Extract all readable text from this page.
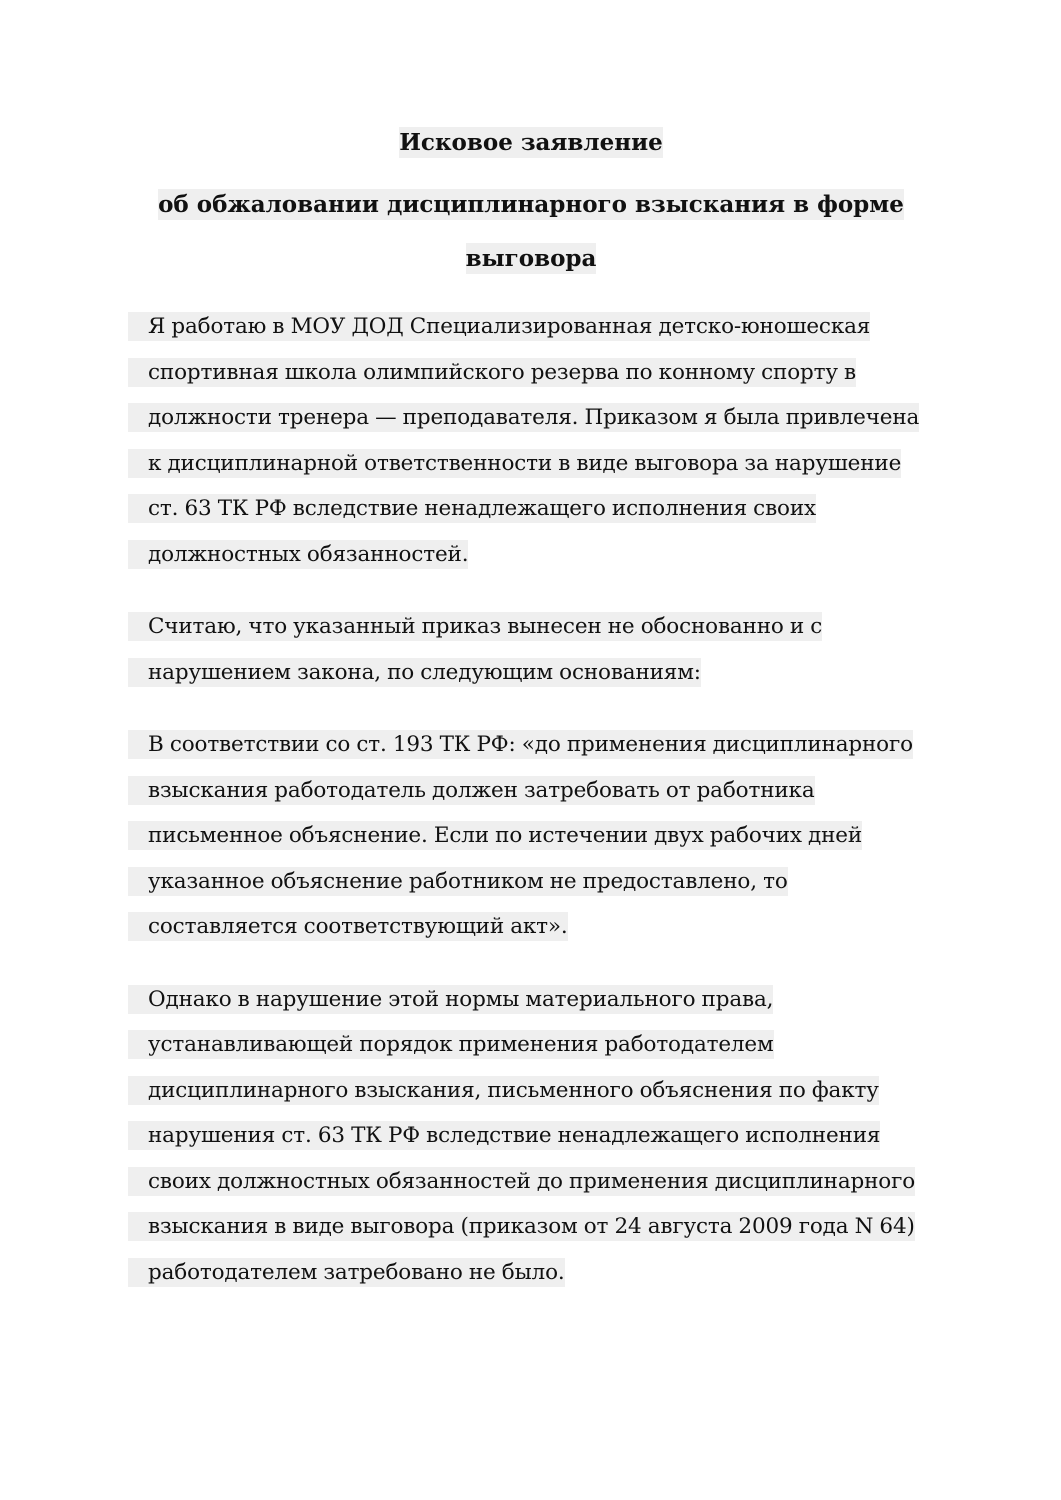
Исковое заявление

об обжаловании дисциплинарного взыскания в форме выговора

Я работаю в МОУ ДОД Специализированная детско-юношеская спортивная школа олимпийского резерва по конному спорту в должности тренера — преподавателя. Приказом я была привлечена к дисциплинарной ответственности в виде выговора за нарушение ст. 63 ТК РФ вследствие ненадлежащего исполнения своих должностных обязанностей.

Считаю, что указанный приказ вынесен не обоснованно и с нарушением закона, по следующим основаниям:

В соответствии со ст. 193 ТК РФ: «до применения дисциплинарного взыскания работодатель должен затребовать от работника письменное объяснение. Если по истечении двух рабочих дней указанное объяснение работником не предоставлено, то составляется соответствующий акт».

Однако в нарушение этой нормы материального права, устанавливающей порядок применения работодателем дисциплинарного взыскания, письменного объяснения по факту нарушения ст. 63 ТК РФ вследствие ненадлежащего исполнения своих должностных обязанностей до применения дисциплинарного взыскания в виде выговора (приказом от 24 августа 2009 года N 64) работодателем затребовано не было.
